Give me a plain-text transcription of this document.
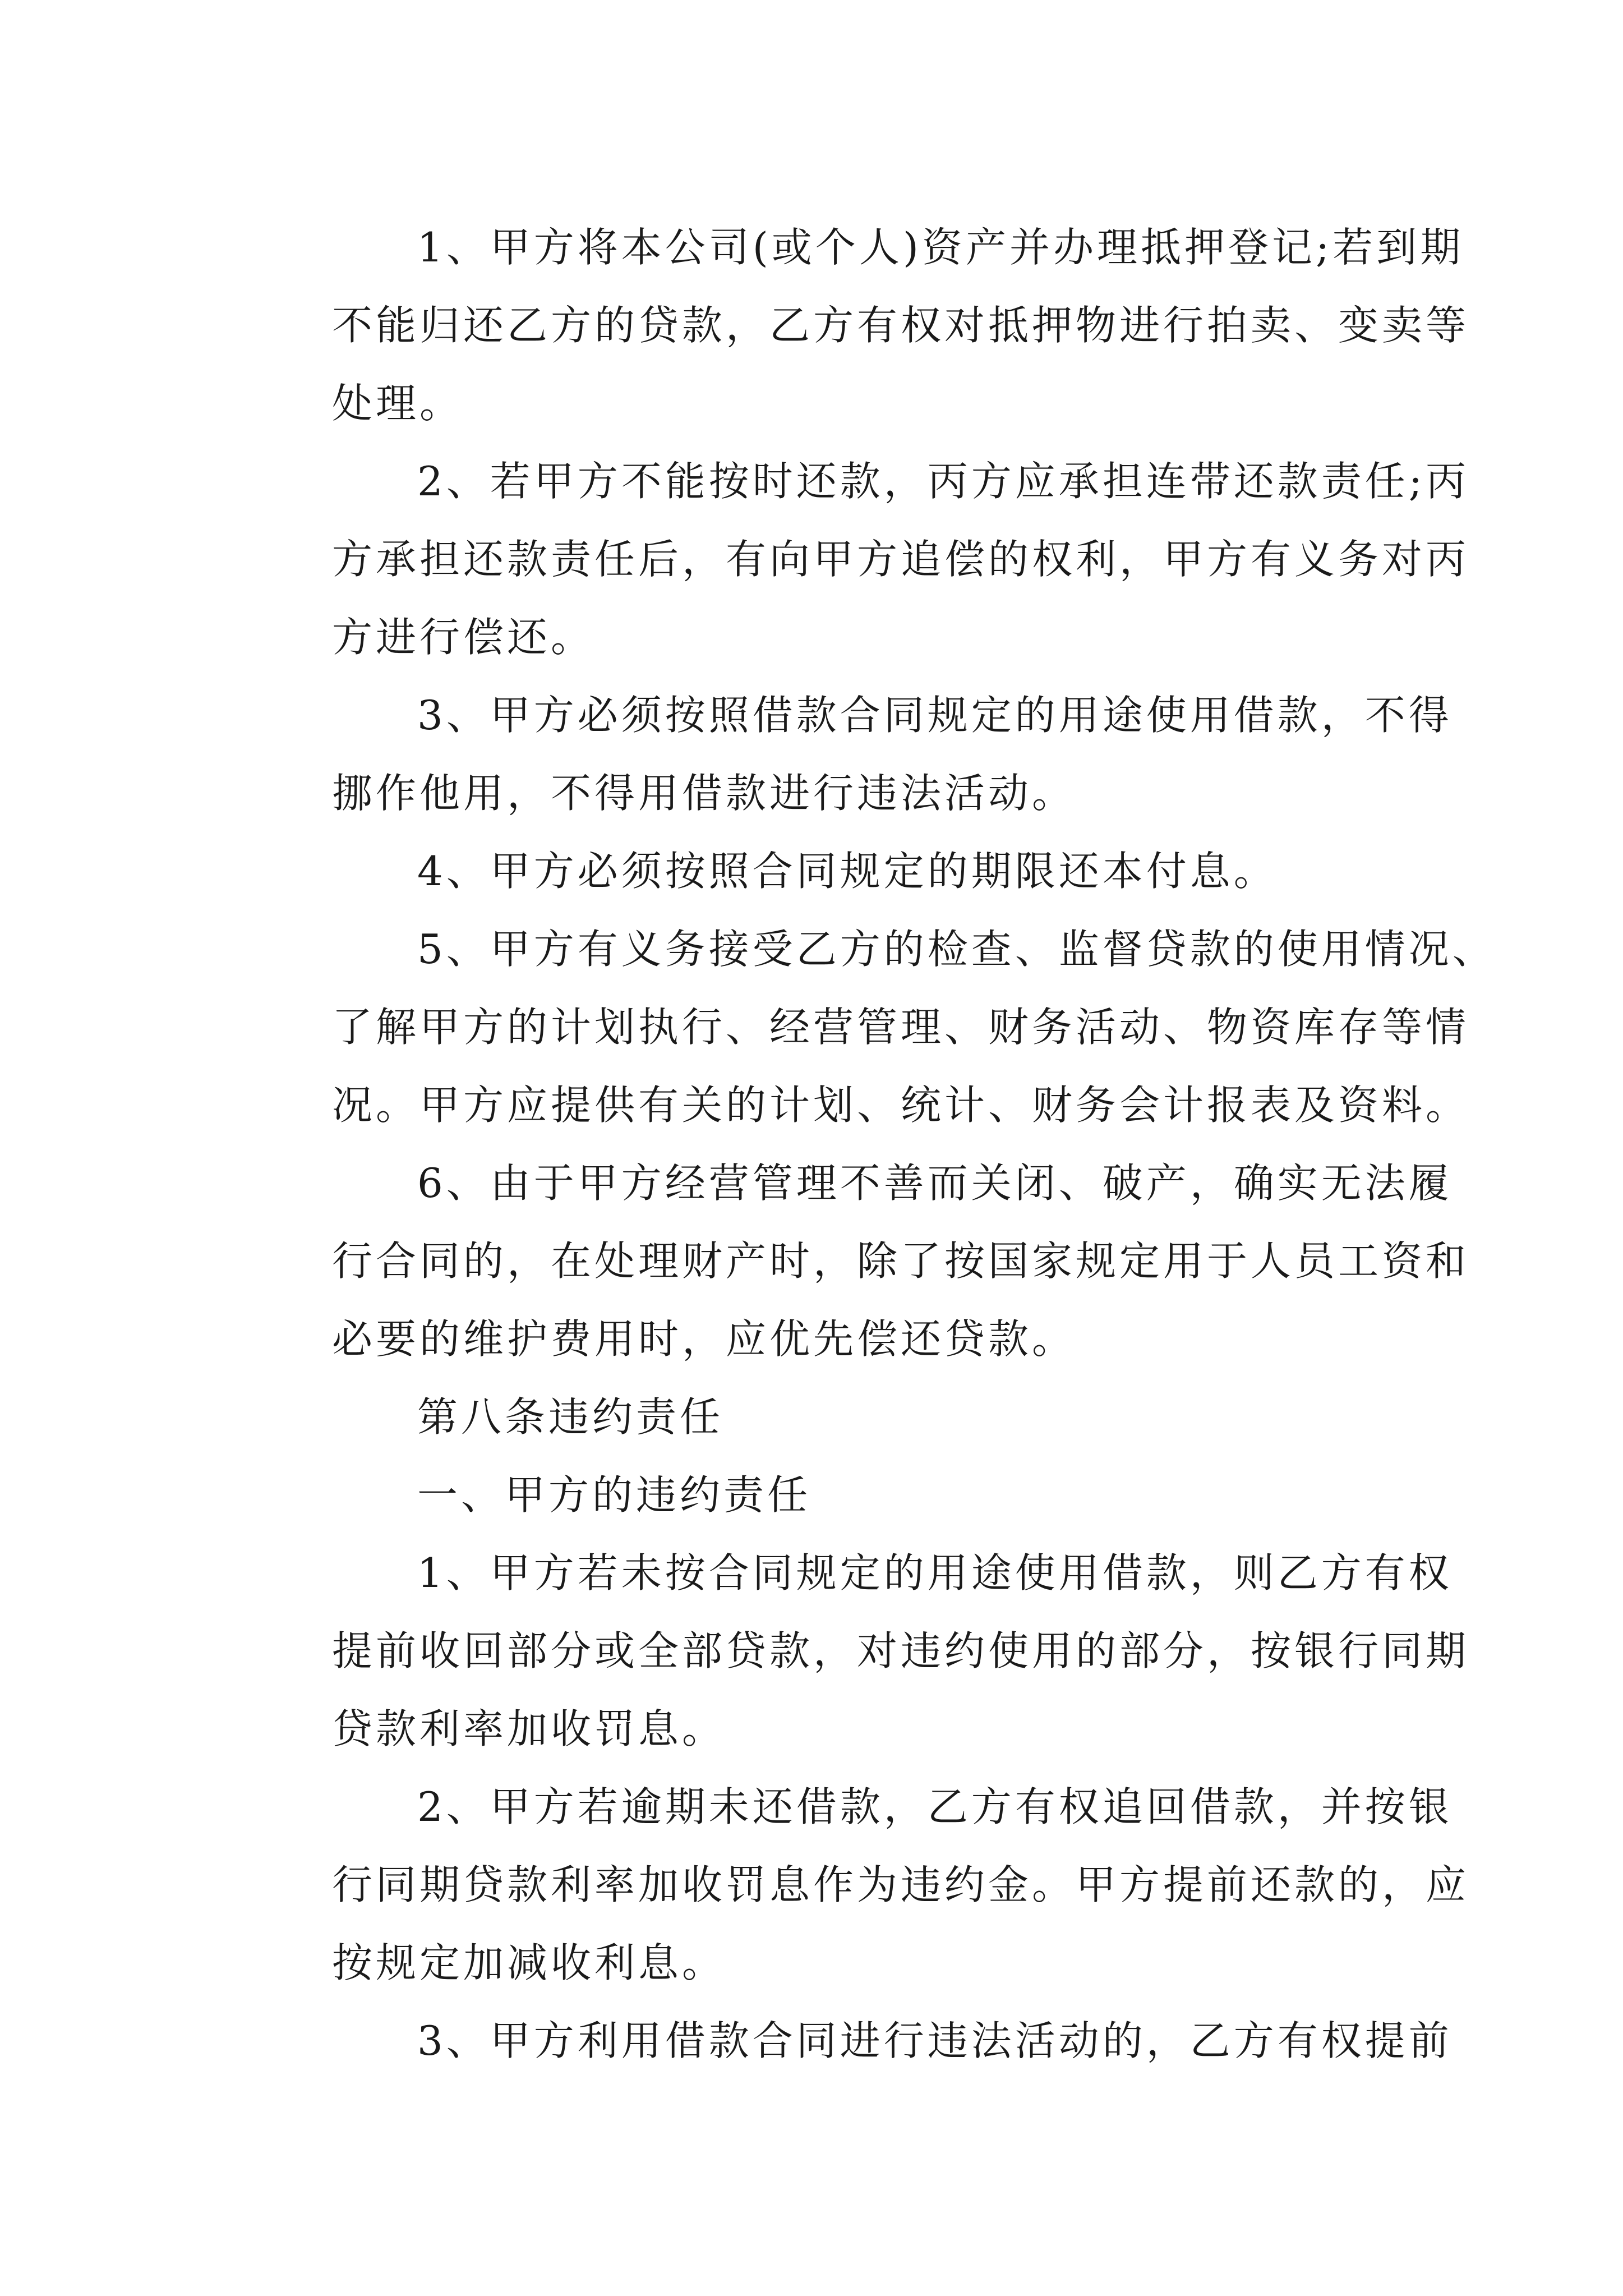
1、甲方将本公司(或个人)资产并办理抵押登记;若到期
不能归还乙方的贷款，乙方有权对抵押物进行拍卖、变卖等
处理。
2、若甲方不能按时还款，丙方应承担连带还款责任;丙
方承担还款责任后，有向甲方追偿的权利，甲方有义务对丙
方进行偿还。
3、甲方必须按照借款合同规定的用途使用借款，不得
挪作他用，不得用借款进行违法活动。
4、甲方必须按照合同规定的期限还本付息。
5、甲方有义务接受乙方的检查、监督贷款的使用情况、
了解甲方的计划执行、经营管理、财务活动、物资库存等情
况。甲方应提供有关的计划、统计、财务会计报表及资料。
6、由于甲方经营管理不善而关闭、破产，确实无法履
行合同的，在处理财产时，除了按国家规定用于人员工资和
必要的维护费用时，应优先偿还贷款。
第八条违约责任
一、甲方的违约责任
1、甲方若未按合同规定的用途使用借款，则乙方有权
提前收回部分或全部贷款，对违约使用的部分，按银行同期
贷款利率加收罚息。
2、甲方若逾期未还借款，乙方有权追回借款，并按银
行同期贷款利率加收罚息作为违约金。甲方提前还款的，应
按规定加减收利息。
3、甲方利用借款合同进行违法活动的，乙方有权提前
